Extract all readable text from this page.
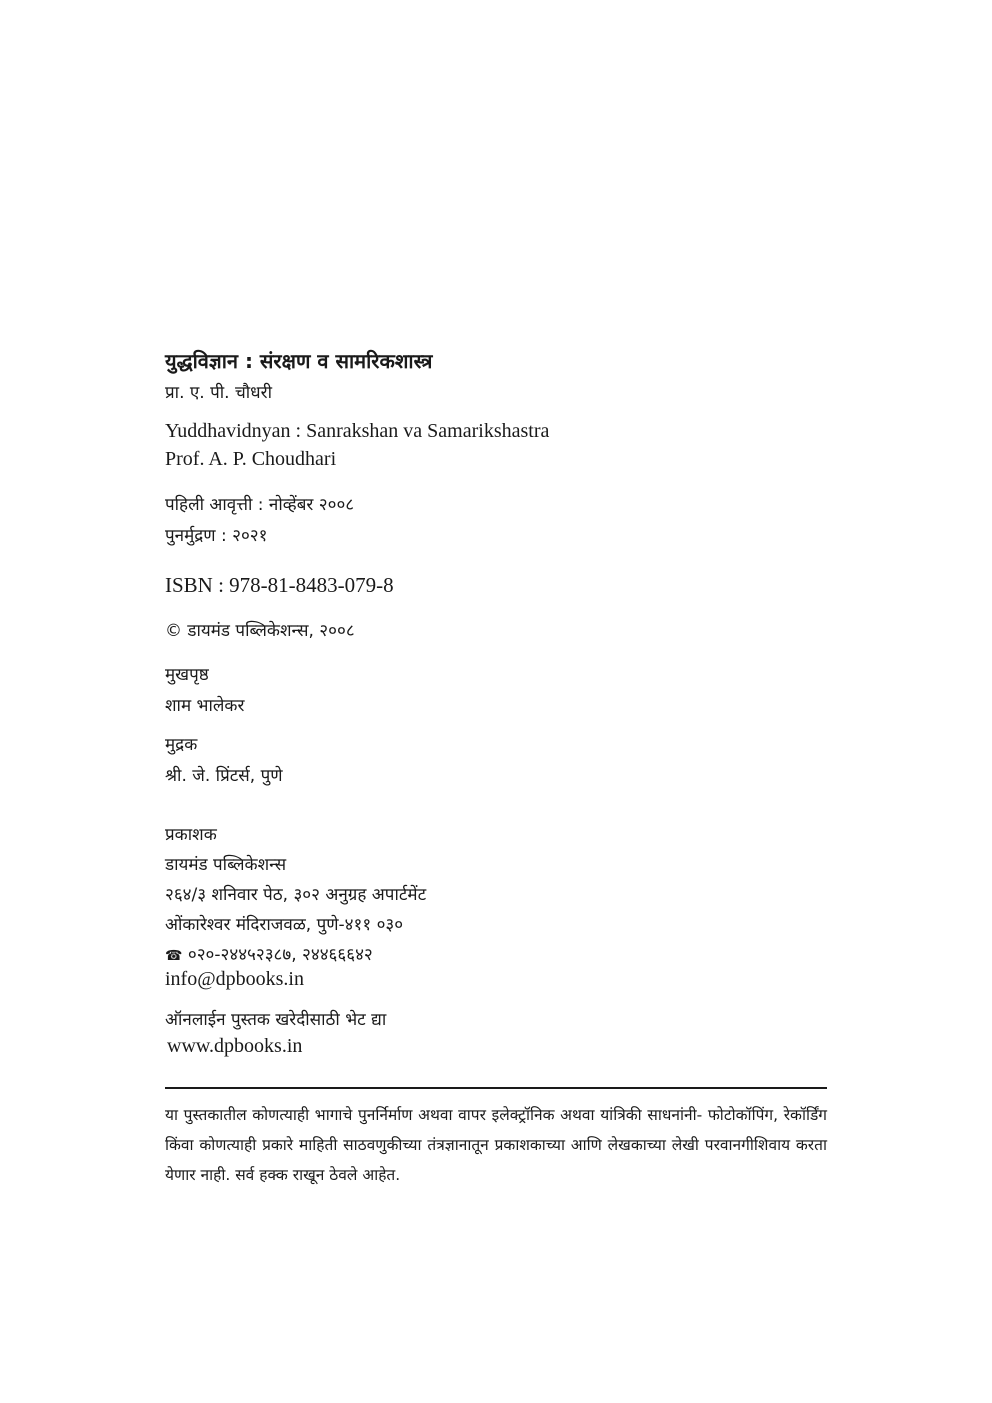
युद्धविज्ञान : संरक्षण व सामरिकशास्त्र
प्रा. ए. पी. चौधरी
Yuddhavidnyan : Sanrakshan va Samarikshastra
Prof. A. P. Choudhari
पहिली आवृत्ती : नोव्हेंबर २००८
पुनर्मुद्रण : २०२१
ISBN : 978-81-8483-079-8
© डायमंड पब्लिकेशन्स, २००८
मुखपृष्ठ
शाम भालेकर
मुद्रक
श्री. जे. प्रिंटर्स, पुणे
प्रकाशक
डायमंड पब्लिकेशन्स
२६४/३ शनिवार पेठ, ३०२ अनुग्रह अपार्टमेंट
ओंकारेश्वर मंदिराजवळ, पुणे-४११ ०३०
☎ ०२०-२४४५२३८७, २४४६६६४२
info@dpbooks.in
ऑनलाईन पुस्तक खरेदीसाठी भेट द्या
www.dpbooks.in
या पुस्तकातील कोणत्याही भागाचे पुनर्निर्माण अथवा वापर इलेक्ट्रॉनिक अथवा यांत्रिकी साधनांनी- फोटोकॉपिंग, रेकॉर्डिंग किंवा कोणत्याही प्रकारे माहिती साठवणुकीच्या तंत्रज्ञानातून प्रकाशकाच्या आणि लेखकाच्या लेखी परवानगीशिवाय करता येणार नाही. सर्व हक्क राखून ठेवले आहेत.
